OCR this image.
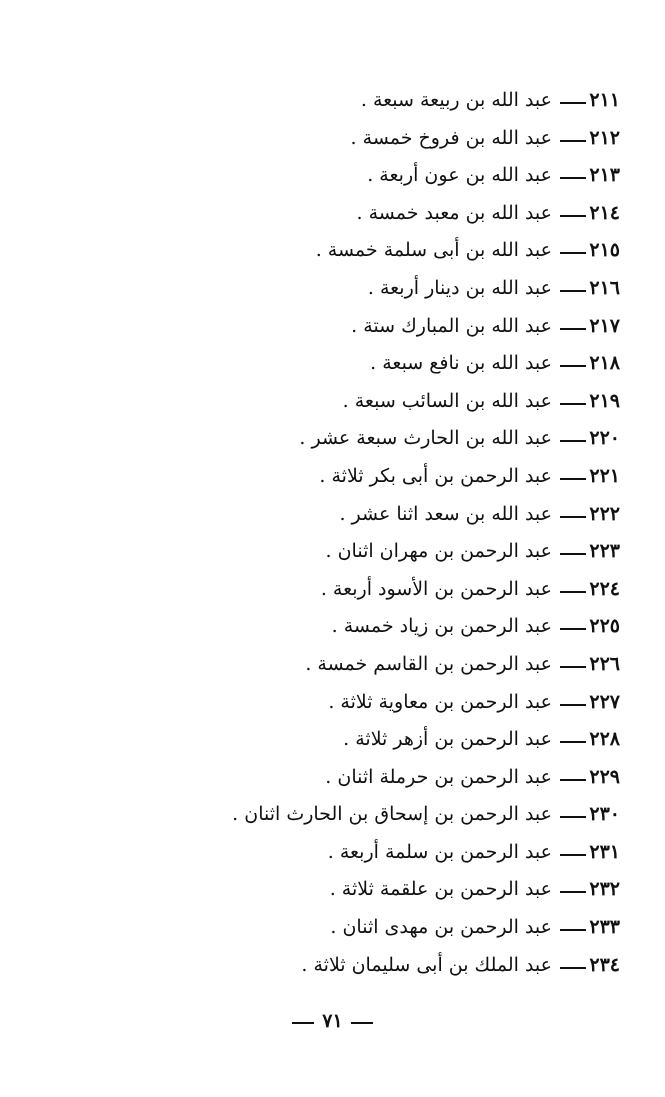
٢١١عبد الله بن ربيعة سبعة .
٢١٢عبد الله بن فروخ خمسة .
٢١٣عبد الله بن عون أربعة .
٢١٤عبد الله بن معبد خمسة .
٢١٥عبد الله بن أبى سلمة خمسة .
٢١٦عبد الله بن دينار أربعة .
٢١٧عبد الله بن المبارك ستة .
٢١٨عبد الله بن نافع سبعة .
٢١٩عبد الله بن السائب سبعة .
٢٢٠عبد الله بن الحارث سبعة عشر .
٢٢١عبد الرحمن بن أبى بكر ثلاثة .
٢٢٢عبد الله بن سعد اثنا عشر .
٢٢٣عبد الرحمن بن مهران اثنان .
٢٢٤عبد الرحمن بن الأسود أربعة .
٢٢٥عبد الرحمن بن زياد خمسة .
٢٢٦عبد الرحمن بن القاسم خمسة .
٢٢٧عبد الرحمن بن معاوية ثلاثة .
٢٢٨عبد الرحمن بن أزهر ثلاثة .
٢٢٩عبد الرحمن بن حرملة اثنان .
٢٣٠عبد الرحمن بن إسحاق بن الحارث اثنان .
٢٣١عبد الرحمن بن سلمة أربعة .
٢٣٢عبد الرحمن بن علقمة ثلاثة .
٢٣٣عبد الرحمن بن مهدى اثنان .
٢٣٤عبد الملك بن أبى سليمان ثلاثة .
٧١
